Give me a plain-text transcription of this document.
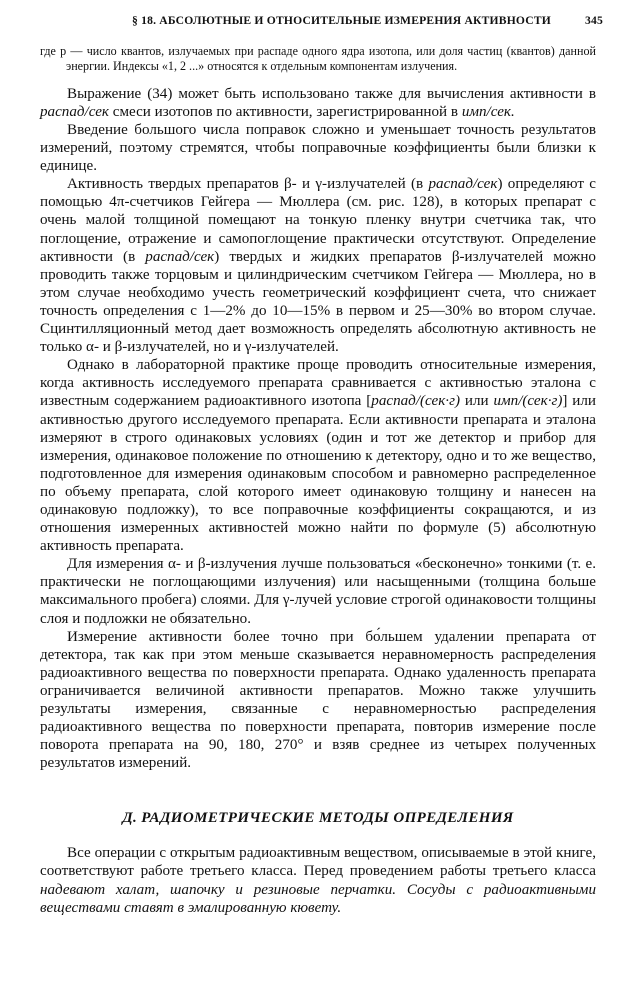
§ 18. АБСОЛЮТНЫЕ И ОТНОСИТЕЛЬНЫЕ ИЗМЕРЕНИЯ АКТИВНОСТИ	345
где p — число квантов, излучаемых при распаде одного ядра изотопа, или доля частиц (квантов) данной энергии. Индексы «1, 2 ...» относятся к отдельным компонентам излучения.

Выражение (34) может быть использовано также для вычисления активности в распад/сек смеси изотопов по активности, зарегистрированной в имп/сек.

Введение большого числа поправок сложно и уменьшает точность результатов измерений, поэтому стремятся, чтобы поправочные коэффициенты были близки к единице.

Активность твердых препаратов β- и γ-излучателей (в распад/сек) определяют с помощью 4π-счетчиков Гейгера — Мюллера (см. рис. 128), в которых препарат с очень малой толщиной помещают на тонкую пленку внутри счетчика так, что поглощение, отражение и самопоглощение практически отсутствуют. Определение активности (в распад/сек) твердых и жидких препаратов β-излучателей можно проводить также торцовым и цилиндрическим счетчиком Гейгера — Мюллера, но в этом случае необходимо учесть геометрический коэффициент счета, что снижает точность определения с 1—2% до 10—15% в первом и 25—30% во втором случае. Сцинтилляционный метод дает возможность определять абсолютную активность не только α- и β-излучателей, но и γ-излучателей.

Однако в лабораторной практике проще проводить относительные измерения, когда активность исследуемого препарата сравнивается с активностью эталона с известным содержанием радиоактивного изотопа [распад/(сек·г) или имп/(сек·г)] или активностью другого исследуемого препарата. Если активности препарата и эталона измеряют в строго одинаковых условиях (один и тот же детектор и прибор для измерения, одинаковое положение по отношению к детектору, одно и то же вещество, подготовленное для измерения одинаковым способом и равномерно распределенное по объему препарата, слой которого имеет одинаковую толщину и нанесен на одинаковую подложку), то все поправочные коэффициенты сокращаются, и из отношения измеренных активностей можно найти по формуле (5) абсолютную активность препарата.

Для измерения α- и β-излучения лучше пользоваться «бесконечно» тонкими (т. е. практически не поглощающими излучения) или насыщенными (толщина больше максимального пробега) слоями. Для γ-лучей условие строгой одинаковости толщины слоя и подложки не обязательно.

Измерение активности более точно при бо́льшем удалении препарата от детектора, так как при этом меньше сказывается неравномерность распределения радиоактивного вещества по поверхности препарата. Однако удаленность препарата ограничивается величиной активности препаратов. Можно также улучшить результаты измерения, связанные с неравномерностью распределения радиоактивного вещества по поверхности препарата, повторив измерение после поворота препарата на 90, 180, 270° и взяв среднее из четырех полученных результатов измерений.

Д. РАДИОМЕТРИЧЕСКИЕ МЕТОДЫ ОПРЕДЕЛЕНИЯ

Все операции с открытым радиоактивным веществом, описываемые в этой книге, соответствуют работе третьего класса. Перед проведением работы третьего класса надевают халат, шапочку и резиновые перчатки. Сосуды с радиоактивными веществами ставят в эмалированную кювету.
